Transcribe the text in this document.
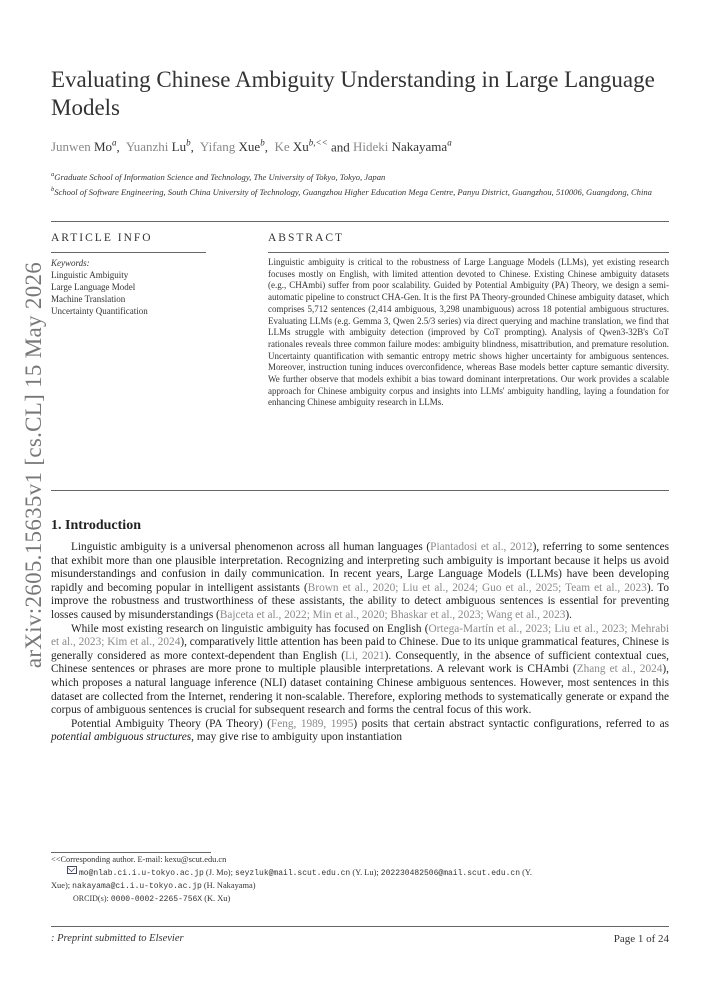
arXiv:2605.15635v1 [cs.CL] 15 May 2026
Evaluating Chinese Ambiguity Understanding in Large Language Models
Junwen Mo$^a$,  Yuanzhi Lu$^b$,  Yifang Xue$^b$,  Ke $Xu^{b,<<}$ and Hideki Nakayama$^a$

$^a$Graduate School of Information Science and Technology, The University of Tokyo, Tokyo, Japan

$^b$School of Software Engineering, South China University of Technology, Guangzhou Higher Education Mega Centre, Panyu District, Guangzhou, 510006, Guangdong, China

ARTICLE INFO
Keywords:
Linguistic Ambiguity
Large Language Model
Machine Translation
Uncertainty Quantification
ABSTRACT
Linguistic ambiguity is critical to the robustness of Large Language Models (LLMs), yet existing research focuses mostly on English, with limited attention devoted to Chinese. Existing Chinese ambiguity datasets (e.g., CHAmbi) suffer from poor scalability. Guided by Potential Ambiguity (PA) Theory, we design a semi-automatic pipeline to construct CHA-Gen. It is the first PA Theory-grounded Chinese ambiguity dataset, which comprises 5,712 sentences (2,414 ambiguous, 3,298 unambiguous) across 18 potential ambiguous structures. Evaluating LLMs (e.g. Gemma 3, Qwen 2.5/3 series) via direct querying and machine translation, we find that LLMs struggle with ambiguity detection (improved by CoT prompting). Analysis of Qwen3-32B's CoT rationales reveals three common failure modes: ambiguity blindness, misattribution, and premature resolution. Uncertainty quantification with semantic entropy metric shows higher uncertainty for ambiguous sentences. Moreover, instruction tuning induces overconfidence, whereas Base models better capture semantic diversity. We further observe that models exhibit a bias toward dominant interpretations. Our work provides a scalable approach for Chinese ambiguity corpus and insights into LLMs' ambiguity handling, laying a foundation for enhancing Chinese ambiguity research in LLMs.
1. Introduction

Linguistic ambiguity is a universal phenomenon across all human languages (Piantadosi et al., 2012), referring to some sentences that exhibit more than one plausible interpretation. Recognizing and interpreting such ambiguity is important because it helps us avoid misunderstandings and confusion in daily communication. In recent years, Large Language Models (LLMs) have been developing rapidly and becoming popular in intelligent assistants (Brown et al., 2020; Liu et al., 2024; Guo et al., 2025; Team et al., 2023). To improve the robustness and trustworthiness of these assistants, the ability to detect ambiguous sentences is essential for preventing losses caused by misunderstandings (Bajceta et al., 2022; Min et al., 2020; Bhaskar et al., 2023; Wang et al., 2023).

While most existing research on linguistic ambiguity has focused on English (Ortega-Martín et al., 2023; Liu et al., 2023; Mehrabi et al., 2023; Kim et al., 2024), comparatively little attention has been paid to Chinese. Due to its unique grammatical features, Chinese is generally considered as more context-dependent than English (Li, 2021). Consequently, in the absence of sufficient contextual cues, Chinese sentences or phrases are more prone to multiple plausible interpretations. A relevant work is CHAmbi (Zhang et al., 2024), which proposes a natural language inference (NLI) dataset containing Chinese ambiguous sentences. However, most sentences in this dataset are collected from the Internet, rendering it non-scalable. Therefore, exploring methods to systematically generate or expand the corpus of ambiguous sentences is crucial for subsequent research and forms the central focus of this work.

Potential Ambiguity Theory (PA Theory) (Feng, 1989, 1995) posits that certain abstract syntactic configurations, referred to as potential ambiguous structures, may give rise to ambiguity upon instantiation

<<Corresponding author. E-mail: kexu@scut.edu.cn

mo@nlab.ci.i.u-tokyo.ac.jp (J. Mo); seyzluk@mail.scut.edu.cn (Y. Lu); 202230482506@mail.scut.edu.cn (Y.

Xue); nakayama@ci.i.u-tokyo.ac.jp (H. Nakayama)

ORCID(s): 0000-0002-2265-756X (K. Xu)

: Preprint submitted to Elsevier	Page 1 of 24
